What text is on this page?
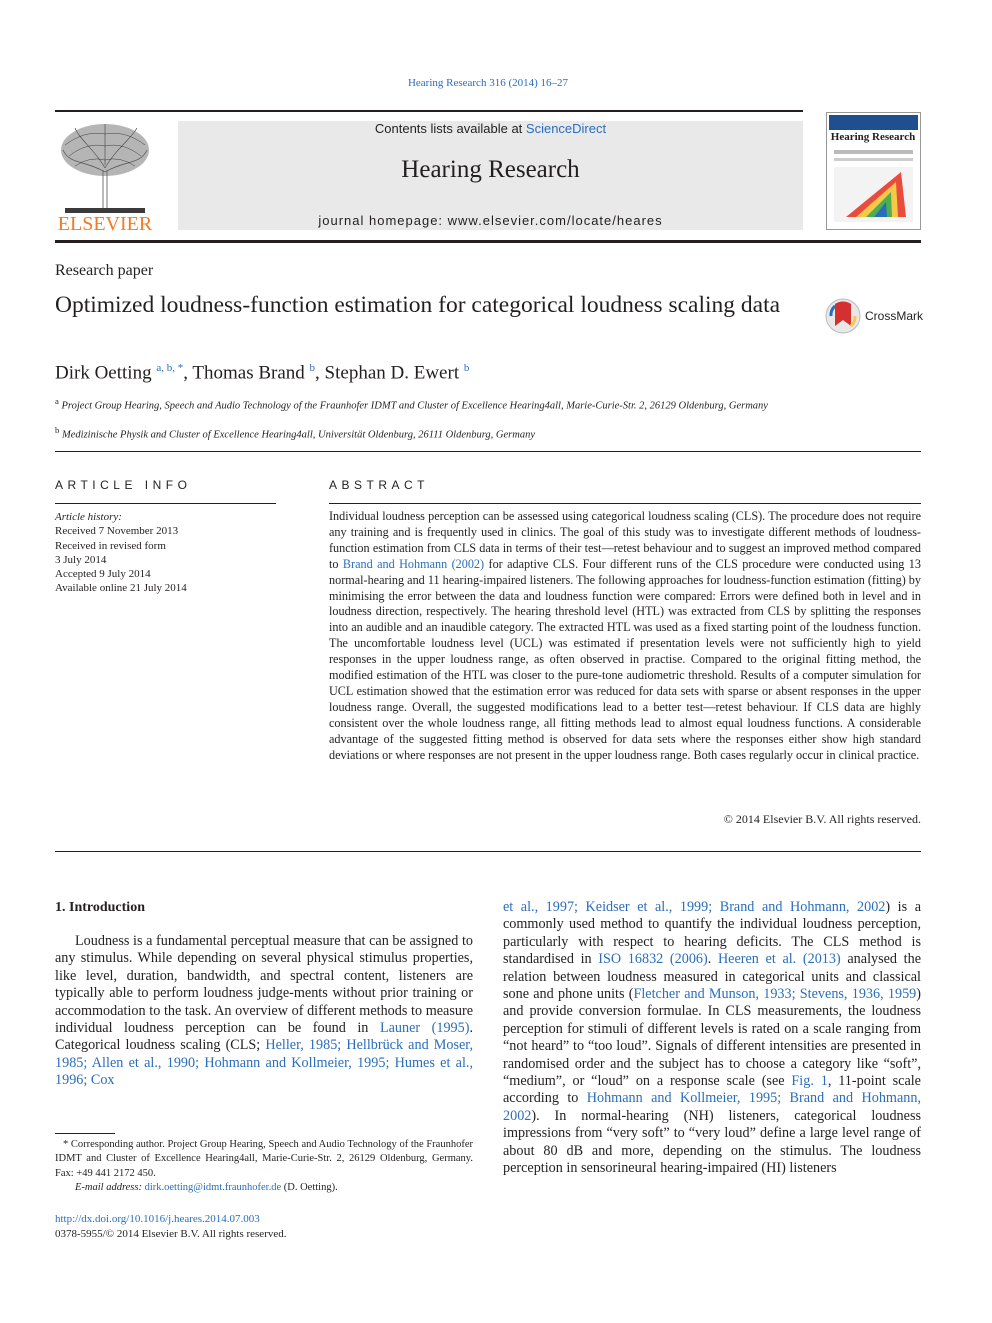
Hearing Research 316 (2014) 16–27
ELSEVIER
Contents lists available at ScienceDirect
Hearing Research
journal homepage: www.elsevier.com/locate/heares
Hearing Research
Research paper
Optimized loudness-function estimation for categorical loudness scaling data	CrossMark
Dirk Oetting $^{a, b, *}$, Thomas Brand $^b$, Stephan D. Ewert $^b$
$^a$ Project Group Hearing, Speech and Audio Technology of the Fraunhofer IDMT and Cluster of Excellence Hearing4all, Marie-Curie-Str. 2, 26129 Oldenburg, Germany
$^b$ Medizinische Physik and Cluster of Excellence Hearing4all, Universität Oldenburg, 26111 Oldenburg, Germany
ARTICLE INFO
Article history:
Received 7 November 2013
Received in revised form
3 July 2014
Accepted 9 July 2014
Available online 21 July 2014
ABSTRACT
Individual loudness perception can be assessed using categorical loudness scaling (CLS). The procedure does not require any training and is frequently used in clinics. The goal of this study was to investigate different methods of loudness-function estimation from CLS data in terms of their test—retest behaviour and to suggest an improved method compared to Brand and Hohmann (2002) for adaptive CLS. Four different runs of the CLS procedure were conducted using 13 normal-hearing and 11 hearing-impaired listeners. The following approaches for loudness-function estimation (fitting) by minimising the error between the data and loudness function were compared: Errors were defined both in level and in loudness direction, respectively. The hearing threshold level (HTL) was extracted from CLS by splitting the responses into an audible and an inaudible category. The extracted HTL was used as a fixed starting point of the loudness function. The uncomfortable loudness level (UCL) was estimated if presentation levels were not sufficiently high to yield responses in the upper loudness range, as often observed in practise. Compared to the original fitting method, the modified estimation of the HTL was closer to the pure-tone audiometric threshold. Results of a computer simulation for UCL estimation showed that the estimation error was reduced for data sets with sparse or absent responses in the upper loudness range. Overall, the suggested modifications lead to a better test—retest behaviour. If CLS data are highly consistent over the whole loudness range, all fitting methods lead to almost equal loudness functions. A considerable advantage of the suggested fitting method is observed for data sets where the responses either show high standard deviations or where responses are not present in the upper loudness range. Both cases regularly occur in clinical practice.
© 2014 Elsevier B.V. All rights reserved.
1. Introduction
Loudness is a fundamental perceptual measure that can be assigned to any stimulus. While depending on several physical stimulus properties, like level, duration, bandwidth, and spectral content, listeners are typically able to perform loudness judge-ments without prior training or accommodation to the task. An overview of different methods to measure individual loudness perception can be found in Launer (1995). Categorical loudness scaling (CLS; Heller, 1985; Hellbrück and Moser, 1985; Allen et al., 1990; Hohmann and Kollmeier, 1995; Humes et al., 1996; Cox
et al., 1997; Keidser et al., 1999; Brand and Hohmann, 2002) is a commonly used method to quantify the individual loudness perception, particularly with respect to hearing deficits. The CLS method is standardised in ISO 16832 (2006). Heeren et al. (2013) analysed the relation between loudness measured in categorical units and classical sone and phone units (Fletcher and Munson, 1933; Stevens, 1936, 1959) and provide conversion formulae. In CLS measurements, the loudness perception for stimuli of different levels is rated on a scale ranging from “not heard” to “too loud”. Signals of different intensities are presented in randomised order and the subject has to choose a category like “soft”, “medium”, or “loud” on a response scale (see Fig. 1, 11-point scale according to Hohmann and Kollmeier, 1995; Brand and Hohmann, 2002). In normal-hearing (NH) listeners, categorical loudness impressions from “very soft” to “very loud” define a large level range of about 80 dB and more, depending on the stimulus. The loudness perception in sensorineural hearing-impaired (HI) listeners
* Corresponding author. Project Group Hearing, Speech and Audio Technology of the Fraunhofer IDMT and Cluster of Excellence Hearing4all, Marie-Curie-Str. 2, 26129 Oldenburg, Germany. Fax: +49 441 2172 450.
E-mail address: dirk.oetting@idmt.fraunhofer.de (D. Oetting).
http://dx.doi.org/10.1016/j.heares.2014.07.003
0378-5955/© 2014 Elsevier B.V. All rights reserved.
